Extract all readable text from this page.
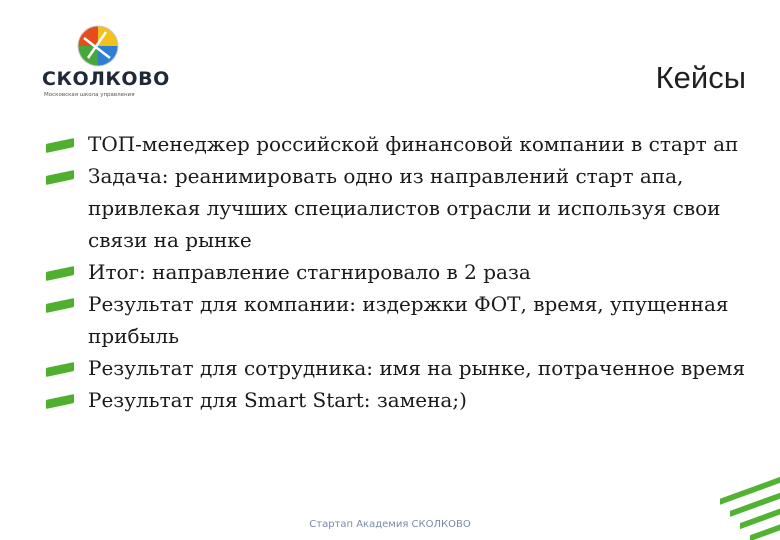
СКОЛКОВО
Московская школа управления	Кейсы
ТОП-менеджер российской финансовой компании в старт ап
Задача: реанимировать одно из направлений старт апа, привлекая лучших специалистов отрасли и используя свои связи на рынке
Итог: направление стагнировало в 2 раза
Результат для компании: издержки ФОТ, время, упущенная прибыль
Результат для сотрудника: имя на рынке, потраченное время
Результат для Smart Start: замена;)
Стартап Академия СКОЛКОВО
